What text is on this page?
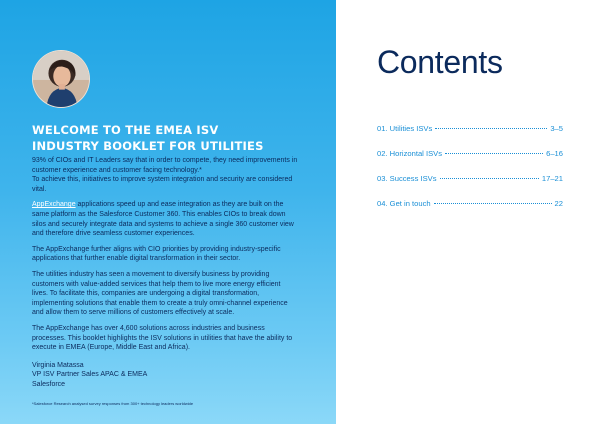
WELCOME TO THE EMEA ISV INDUSTRY BOOKLET FOR UTILITIES

93% of CIOs and IT Leaders say that in order to compete, they need improvements in customer experience and customer facing technology.*
To achieve this, initiatives to improve system integration and security are considered vital.

AppExchange applications speed up and ease integration as they are built on the same platform as the Salesforce Customer 360. This enables CIOs to break down silos and securely integrate data and systems to achieve a single 360 customer view and therefore drive seamless customer experiences.

The AppExchange further aligns with CIO priorities by providing industry-specific applications that further enable digital transformation in their sector.

The utilities industry has seen a movement to diversify business by providing customers with value-added services that help them to live more energy efficient lives. To facilitate this, companies are undergoing a digital transformation, implementing solutions that enable them to create a truly omni-channel experience and allow them to serve millions of customers effectively at scale.

The AppExchange has over 4,600 solutions across industries and business processes. This booklet highlights the ISV solutions in utilities that have the ability to execute in EMEA (Europe, Middle East and Africa).

Virginia Matassa
VP ISV Partner Sales APAC & EMEA
Salesforce
*Salesforce Research analysed survey responses from 300+ technology leaders worldwide
Contents
01. Utilities ISVs	3–5
02. Horizontal ISVs	6–16
03. Success ISVs	17–21
04. Get in touch	22
